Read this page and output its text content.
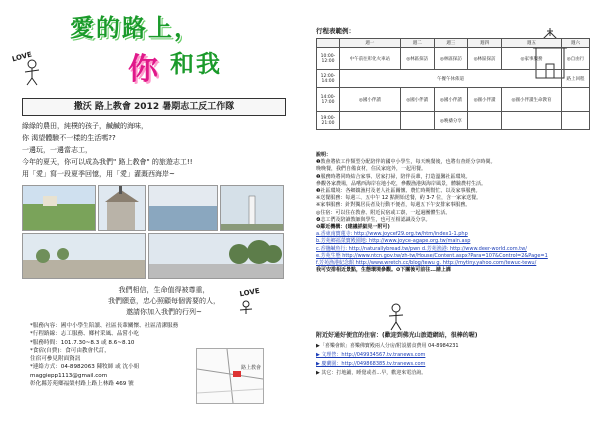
愛的路上，
你 和我
LOVE
撒沃 路上教會 2012 暑期志工反工作隊
綠綠的農田，純樸的孩子，鹹鹹的海味，
你 渴望體驗不一樣的生活嗎??
一邊玩，一邊當志工，
今年的夏天，你可以成為我們" 路上教會" 的旅遊志工!!
用「愛」寫一段夏季回憶，用「愛」灌溉西海岸~
我們相信，生命值得被尊重，
我們願意，忠心照顧每個需要的人，
邀請你加入我們的行列~
LOVE
*服務內容：國中小學生陪讀、社區長輩關懷、社區清潔服務
*行程路線：志工服務、鄉村采風、品嘗小吃
*服務時間：101.7.30~8.3 或 8.6~8.10
*食宿(自費)：食可由教會代訂，
住宿可參見附面資訊
*連絡方式：04-8982063 陳牧師 或 沈小姐
maggiepp1113@gmail.com
彰化縣芳苑鄉福榮村路上路上林路 469 號
路上教會
行程表範例：
	週一	週二	週三	週四	週五	週六
10:00-
12:00	中午前往彰化火車站	◎林區探訪	◎林區探訪	◎林區探訪	◎家事服務	◎自由行
12:00-
14:00	午餐午休佈道					路上回程
14:00-
17:00	◎國小伴讀	◎國小伴讀	◎國小伴讀	◎國小伴讀	◎國小伴讀生命教育	
19:00-
21:00			◎晚禱分享			
說明：
❶教會將依工作類型分配陪伴的國中小學生，每天晚餐後，也將有查經分享時間。
晚晚餐，我們自備食材，住民家庭外，一起用餐。
❷服務時將同時結合家事、居家打掃，陪伴長輩，打造溫馨社區環境。
參觀各家農場，品嚐西海岸在地小吃，參觀漁港與海岸風景，體驗農村生活。
❸社區環境：各鄉鎮漁村及老人社區關懷、農忙時期幫忙、以及家事服務。
※送餐服務：每週三、五中午 12 點開始送餐，約 3-7 位，含一家家送餐。
※家事服務：針對獨居長者及行動不便者，每週五下午安排家事服務。
◎住宿：可以住在教會、附近民宿或工寮，一起過團體生活。
❹志工們及陪讀教師與學生，也可互相認識及分享。
❺鄰近機構：(建議詳細見一附可)
a.香東南寶蓮寺: http://www.joycef29.org.tw/htm/index1-1.php
b.芳苑鄉福榮寶殿園地: http://www.joyce-agape.org.tw/main.asp
c.香鹽鹹魚行: http://naturallybread.tw/pwn d.芳苑漁港: http://www.deer-world.com.tw/
e.芳苑生態 http://www.ntcn.gov.tw/zh-tw/House/Content.aspx?Para=107&Control=2&Page=1
f.芳苑漁港紀念館 http://www.wretch.cc/blog/tewu g. http://mytiny.yahoo.com/tewuc-tewu/
我可安排相近景點，生態環境參觀。❻下團後可前往...請上課
附近好通好便宜的住宿：(歡迎到佛光山旅遊網站，很棒的喔)
▶「喜樂會館」喜樂佛寶殿兩人分房/附設膳食費用 04-8984231
▶ 文理營：http://049934567.tv.tranews.com
▶ 慶蘭園：http://049868385.tv.tranews.com
▶ 其它：打地鋪，睡覺或者...早，歡迎來電洽詢。
